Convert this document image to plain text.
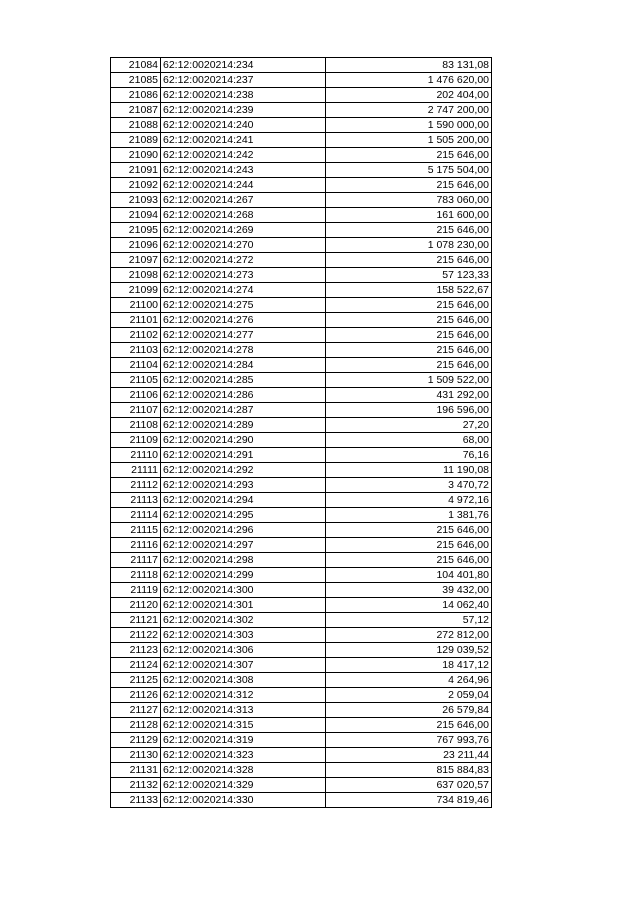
21084	62:12:0020214:234	83 131,08
21085	62:12:0020214:237	1 476 620,00
21086	62:12:0020214:238	202 404,00
21087	62:12:0020214:239	2 747 200,00
21088	62:12:0020214:240	1 590 000,00
21089	62:12:0020214:241	1 505 200,00
21090	62:12:0020214:242	215 646,00
21091	62:12:0020214:243	5 175 504,00
21092	62:12:0020214:244	215 646,00
21093	62:12:0020214:267	783 060,00
21094	62:12:0020214:268	161 600,00
21095	62:12:0020214:269	215 646,00
21096	62:12:0020214:270	1 078 230,00
21097	62:12:0020214:272	215 646,00
21098	62:12:0020214:273	57 123,33
21099	62:12:0020214:274	158 522,67
21100	62:12:0020214:275	215 646,00
21101	62:12:0020214:276	215 646,00
21102	62:12:0020214:277	215 646,00
21103	62:12:0020214:278	215 646,00
21104	62:12:0020214:284	215 646,00
21105	62:12:0020214:285	1 509 522,00
21106	62:12:0020214:286	431 292,00
21107	62:12:0020214:287	196 596,00
21108	62:12:0020214:289	27,20
21109	62:12:0020214:290	68,00
21110	62:12:0020214:291	76,16
21111	62:12:0020214:292	11 190,08
21112	62:12:0020214:293	3 470,72
21113	62:12:0020214:294	4 972,16
21114	62:12:0020214:295	1 381,76
21115	62:12:0020214:296	215 646,00
21116	62:12:0020214:297	215 646,00
21117	62:12:0020214:298	215 646,00
21118	62:12:0020214:299	104 401,80
21119	62:12:0020214:300	39 432,00
21120	62:12:0020214:301	14 062,40
21121	62:12:0020214:302	57,12
21122	62:12:0020214:303	272 812,00
21123	62:12:0020214:306	129 039,52
21124	62:12:0020214:307	18 417,12
21125	62:12:0020214:308	4 264,96
21126	62:12:0020214:312	2 059,04
21127	62:12:0020214:313	26 579,84
21128	62:12:0020214:315	215 646,00
21129	62:12:0020214:319	767 993,76
21130	62:12:0020214:323	23 211,44
21131	62:12:0020214:328	815 884,83
21132	62:12:0020214:329	637 020,57
21133	62:12:0020214:330	734 819,46
